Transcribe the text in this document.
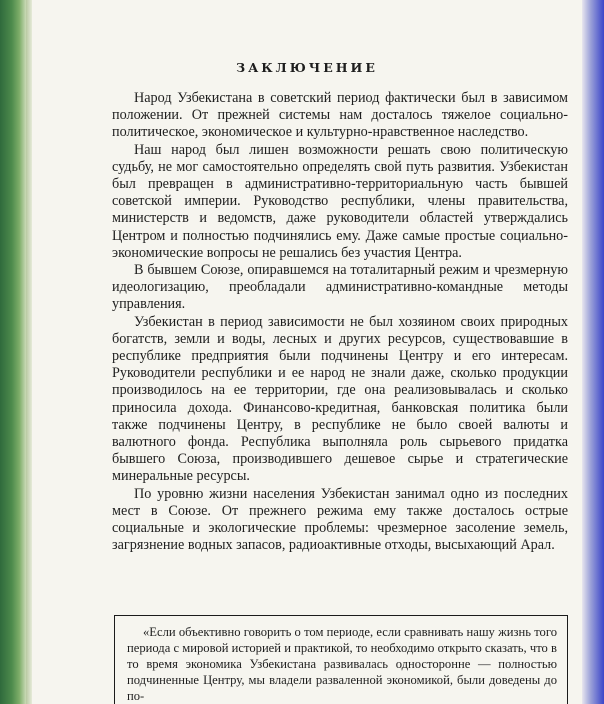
ЗАКЛЮЧЕНИЕ

Народ Узбекистана в советский период фактически был в зависимом положении. От прежней системы нам досталось тяжелое социально-политическое, экономическое и культурно-нравственное наследство.

Наш народ был лишен возможности решать свою политическую судьбу, не мог самостоятельно определять свой путь развития. Узбекистан был превращен в административно-территориальную часть бывшей советской империи. Руководство республики, члены правительства, министерств и ведомств, даже руководители областей утверждались Центром и полностью подчинялись ему. Даже самые простые социально-экономические вопросы не решались без участия Центра.

В бывшем Союзе, опиравшемся на тоталитарный режим и чрезмерную идеологизацию, преобладали административно-командные методы управления.

Узбекистан в период зависимости не был хозяином своих природных богатств, земли и воды, лесных и других ресурсов, существовавшие в республике предприятия были подчинены Центру и его интересам. Руководители республики и ее народ не знали даже, сколько продукции производилось на ее территории, где она реализовывалась и сколько приносила дохода. Финансово-кредитная, банковская политика были также подчинены Центру, в республике не было своей валюты и валютного фонда. Республика выполняла роль сырьевого придатка бывшего Союза, производившего дешевое сырье и стратегические минеральные ресурсы.

По уровню жизни населения Узбекистан занимал одно из последних мест в Союзе. От прежнего режима ему также досталось острые социальные и экологические проблемы: чрезмерное засоление земель, загрязнение водных запасов, радиоактивные отходы, высыхающий Арал.

«Если объективно говорить о том периоде, если сравнивать нашу жизнь того периода с мировой историей и практикой, то необходимо открыто сказать, что в то время экономика Узбекистана развивалась односторонне — полностью подчиненные Центру, мы владели разваленной экономикой, были доведены до по-
